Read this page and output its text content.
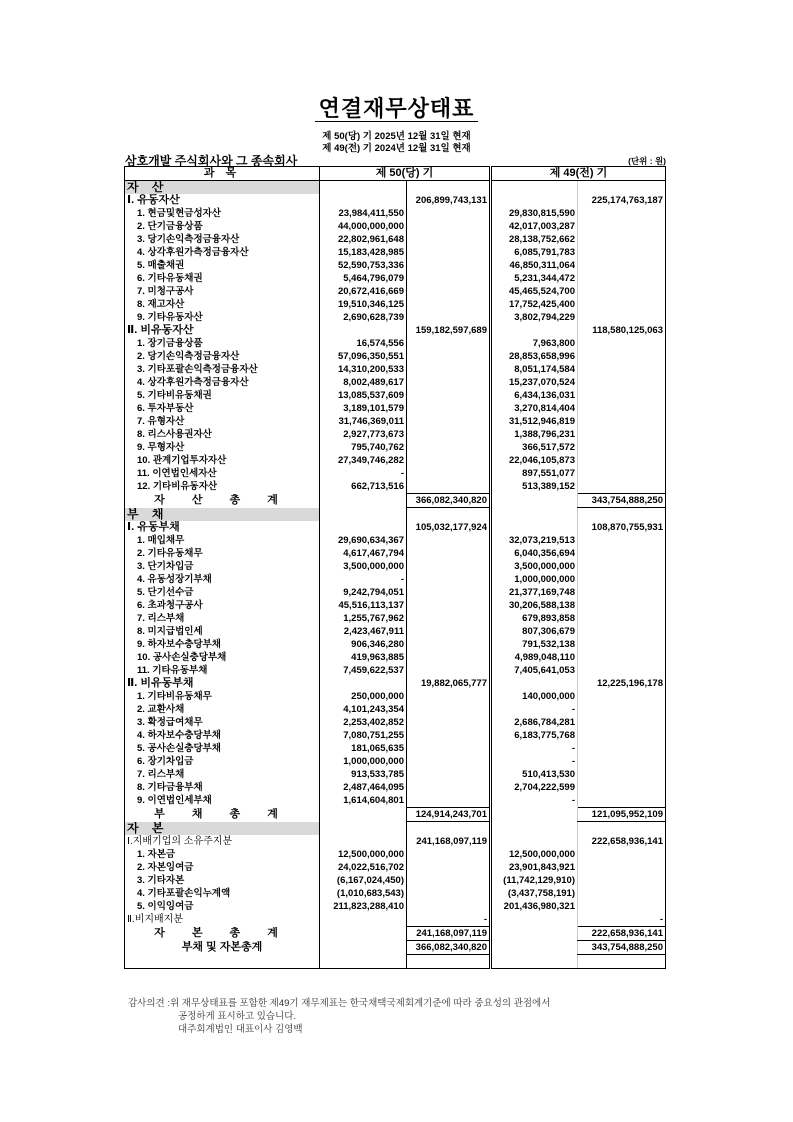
연결재무상태표
제 50(당) 기 2025년 12월 31일 현재
제 49(전) 기 2024년 12월 31일 현재
삼호개발 주식회사와 그 종속회사	(단위 : 원)
과 목	제 50(당) 기		제 49(전) 기	
자 산				
Ⅰ. 유동자산		206,899,743,131		225,174,763,187
1. 현금및현금성자산	23,984,411,550		29,830,815,590	
2. 단기금융상품	44,000,000,000		42,017,003,287	
3. 당기손익측정금융자산	22,802,961,648		28,138,752,662	
4. 상각후원가측정금융자산	15,183,428,985		6,085,791,783	
5. 매출채권	52,590,753,336		46,850,311,064	
6. 기타유동채권	5,464,796,079		5,231,344,472	
7. 미청구공사	20,672,416,669		45,465,524,700	
8. 재고자산	19,510,346,125		17,752,425,400	
9. 기타유동자산	2,690,628,739		3,802,794,229	
Ⅱ. 비유동자산		159,182,597,689		118,580,125,063
1. 장기금융상품	16,574,556		7,963,800	
2. 당기손익측정금융자산	57,096,350,551		28,853,658,996	
3. 기타포괄손익측정금융자산	14,310,200,533		8,051,174,584	
4. 상각후원가측정금융자산	8,002,489,617		15,237,070,524	
5. 기타비유동채권	13,085,537,609		6,434,136,031	
6. 투자부동산	3,189,101,579		3,270,814,404	
7. 유형자산	31,746,369,011		31,512,946,819	
8. 리스사용권자산	2,927,773,673		1,388,796,231	
9. 무형자산	795,740,762		366,517,572	
10. 관계기업투자자산	27,349,746,282		22,046,105,873	
11. 이연법인세자산	-		897,551,077	
12. 기타비유동자산	662,713,516		513,389,152	
자 산 총 계		366,082,340,820		343,754,888,250
부 채				
Ⅰ. 유동부채		105,032,177,924		108,870,755,931
1. 매입채무	29,690,634,367		32,073,219,513	
2. 기타유동채무	4,617,467,794		6,040,356,694	
3. 단기차입금	3,500,000,000		3,500,000,000	
4. 유동성장기부채	-		1,000,000,000	
5. 단기선수금	9,242,794,051		21,377,169,748	
6. 초과청구공사	45,516,113,137		30,206,588,138	
7. 리스부채	1,255,767,962		679,893,858	
8. 미지급법인세	2,423,467,911		807,306,679	
9. 하자보수충당부채	906,346,280		791,532,138	
10. 공사손실충당부채	419,963,885		4,989,048,110	
11. 기타유동부채	7,459,622,537		7,405,641,053	
Ⅱ. 비유동부채		19,882,065,777		12,225,196,178
1. 기타비유동채무	250,000,000		140,000,000	
2. 교환사채	4,101,243,354		-	
3. 확정급여채무	2,253,402,852		2,686,784,281	
4. 하자보수충당부채	7,080,751,255		6,183,775,768	
5. 공사손실충당부채	181,065,635		-	
6. 장기차입금	1,000,000,000		-	
7. 리스부채	913,533,785		510,413,530	
8. 기타금융부채	2,487,464,095		2,704,222,599	
9. 이연법인세부채	1,614,604,801		-	
부 채 총 계		124,914,243,701		121,095,952,109
자 본				
Ⅰ.지배기업의 소유주지분		241,168,097,119		222,658,936,141
1. 자본금	12,500,000,000		12,500,000,000	
2. 자본잉여금	24,022,516,702		23,901,843,921	
3. 기타자본	(6,167,024,450)		(11,742,129,910)	
4. 기타포괄손익누계액	(1,010,683,543)		(3,437,758,191)	
5. 이익잉여금	211,823,288,410		201,436,980,321	
Ⅱ.비지배지분		-		-
자 본 총 계		241,168,097,119		222,658,936,141
부채 및 자본총계		366,082,340,820		343,754,888,250

감사의견 :위 재무상태표를 포함한 제49기 재무제표는 한국채택국제회계기준에 따라 중요성의 관점에서
공정하게 표시하고 있습니다.
대주회계법인 대표이사 김영백
